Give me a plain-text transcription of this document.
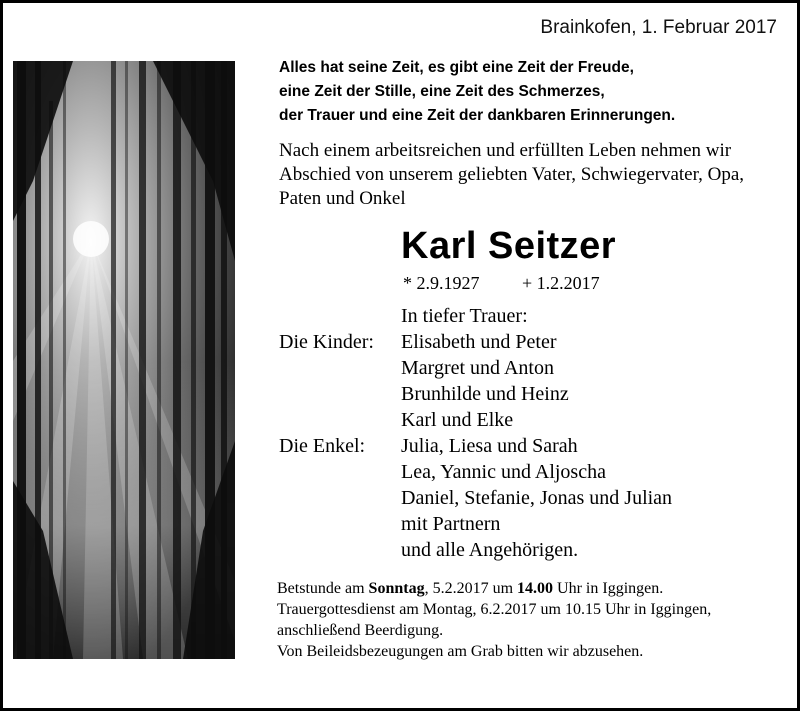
Brainkofen, 1. Februar 2017
Alles hat seine Zeit, es gibt eine Zeit der Freude,
eine Zeit der Stille, eine Zeit des Schmerzes,
der Trauer und eine Zeit der dankbaren Erinnerungen.
Nach einem arbeitsreichen und erfüllten Leben nehmen wir
Abschied von unserem geliebten Vater, Schwiegervater, Opa,
Paten und Onkel
Karl Seitzer
* 2.9.1927 + 1.2.2017
In tiefer Trauer:
Die Kinder:	Elisabeth und Peter
Margret und Anton
Brunhilde und Heinz
Karl und Elke
Die Enkel:	Julia, Liesa und Sarah
Lea, Yannic und Aljoscha
Daniel, Stefanie, Jonas und Julian
mit Partnern
und alle Angehörigen.
Betstunde am Sonntag, 5.2.2017 um 14.00 Uhr in Iggingen.
Trauergottesdienst am Montag, 6.2.2017 um 10.15 Uhr in Iggingen,
anschließend Beerdigung.
Von Beileidsbezeugungen am Grab bitten wir abzusehen.
